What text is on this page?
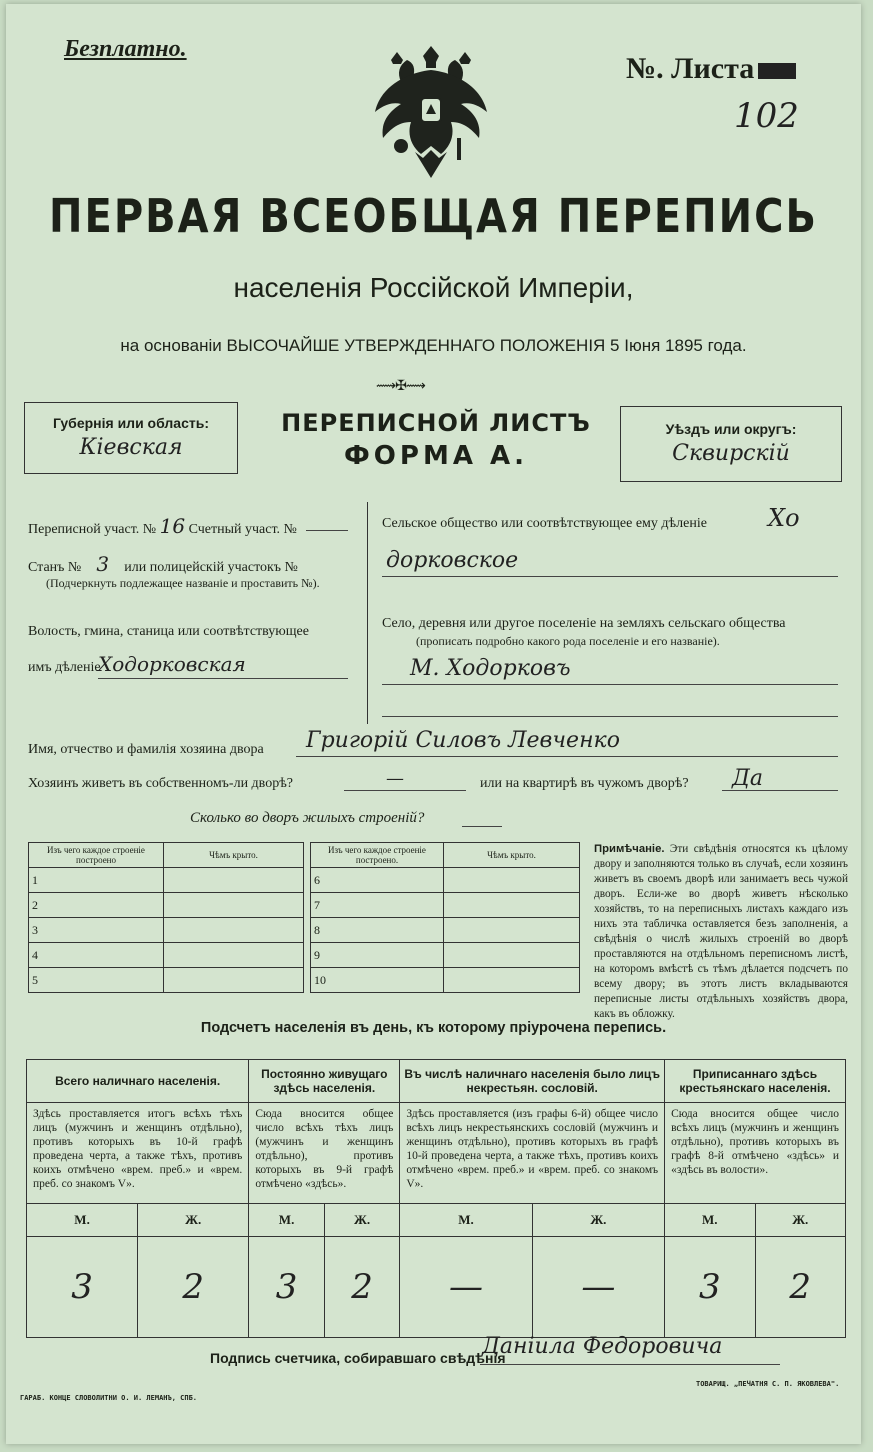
Безплатно.
№. Листа
102
ПЕРВАЯ ВСЕОБЩАЯ ПЕРЕПИСЬ
населенія Россійской Имперіи,
на основаніи ВЫСОЧАЙШЕ УТВЕРЖДЕННАГО ПОЛОЖЕНІЯ 5 Іюня 1895 года.
⟿✠⟿
Губернія или область:
Кіевская
ПЕРЕПИСНОЙ ЛИСТЪ
ФОРМА А.
Уѣздъ или округъ:
Сквирскій
Переписной участ. № 16 Счетный участ. №
Станъ № 3 или полицейскій участокъ №
(Подчеркнуть подлежащее названіе и проставить №).
Волость, гмина, станица или соотвѣтствующее
имъ дѣленіе
Ходорковская
Сельское общество или соотвѣтствующее ему дѣленіе	Хо
дорковское
Село, деревня или другое поселеніе на земляхъ сельскаго общества
(прописать подробно какого рода поселеніе и его названіе).
М. Ходорковъ
Имя, отчество и фамилія хозяина двора Григорій Силовъ Левченко
Хозяинъ живетъ въ собственномъ-ли дворѣ?	—	или на квартирѣ въ чужомъ дворѣ? Да
Сколько во дворъ жилыхъ строеній?
Изъ чего каждое строеніе построено	Чѣмъ крыто.
1	
2	
3	
4	
5	
Изъ чего каждое строеніе построено.	Чѣмъ крыто.
6	
7	
8	
9	
10	
Примѣчаніе. Эти свѣдѣнія относятся къ цѣлому двору и заполняются только въ случаѣ, если хозяинъ живетъ въ своемъ дворѣ или занимаетъ весь чужой дворъ. Если-же во дворѣ живетъ нѣсколько хозяйствъ, то на переписныхъ листахъ каждаго изъ нихъ эта табличка оставляется безъ заполненія, а свѣдѣнія о числѣ жилыхъ строеній во дворѣ проставляются на отдѣльномъ переписномъ листѣ, на которомъ вмѣстѣ съ тѣмъ дѣлается подсчетъ по всему двору; въ этотъ листъ вкладываются переписные листы отдѣльныхъ хозяйствъ двора, какъ въ обложку.
Подсчетъ населенія въ день, къ которому пріурочена перепись.
Всего наличнаго населенія.		Постоянно живущаго здѣсь населенія.		Въ числѣ наличнаго населенія было лицъ некрестьян. сословій.		Приписаннаго здѣсь крестьянскаго населенія.	
Здѣсь проставляется итогъ всѣхъ тѣхъ лицъ (мужчинъ и женщинъ отдѣльно), противъ которыхъ въ 10-й графѣ проведена черта, а также тѣхъ, противъ коихъ отмѣчено «врем. преб.» и «врем. преб. со знакомъ V».		Сюда вносится общее число всѣхъ тѣхъ лицъ (мужчинъ и женщинъ отдѣльно), противъ которыхъ въ 9-й графѣ отмѣчено «здѣсь».		Здѣсь проставляется (изъ графы 6-й) общее число всѣхъ лицъ некрестьянскихъ сословій (мужчинъ и женщинъ отдѣльно), противъ которыхъ въ графѣ 10-й проведена черта, а также тѣхъ, противъ коихъ отмѣчено «врем. преб.» и «врем. преб. со знакомъ V».		Сюда вносится общее число всѣхъ лицъ (мужчинъ и женщинъ отдѣльно), противъ которыхъ въ графѣ 8-й отмѣчено «здѣсь» и «здѣсь въ волости».	
М.	Ж.	М.	Ж.	М.	Ж.	М.	Ж.
3	2	3	2	—	—	3	2
Подпись счетчика, собиравшаго свѣдѣнія
Даніила Федоровича
ГАРАБ. КОНЦЕ СЛОВОЛИТНИ О. И. ЛЕМАНЪ, СПБ.
ТОВАРИЩ. „ПЕЧАТНЯ С. П. ЯКОВЛЕВА".
